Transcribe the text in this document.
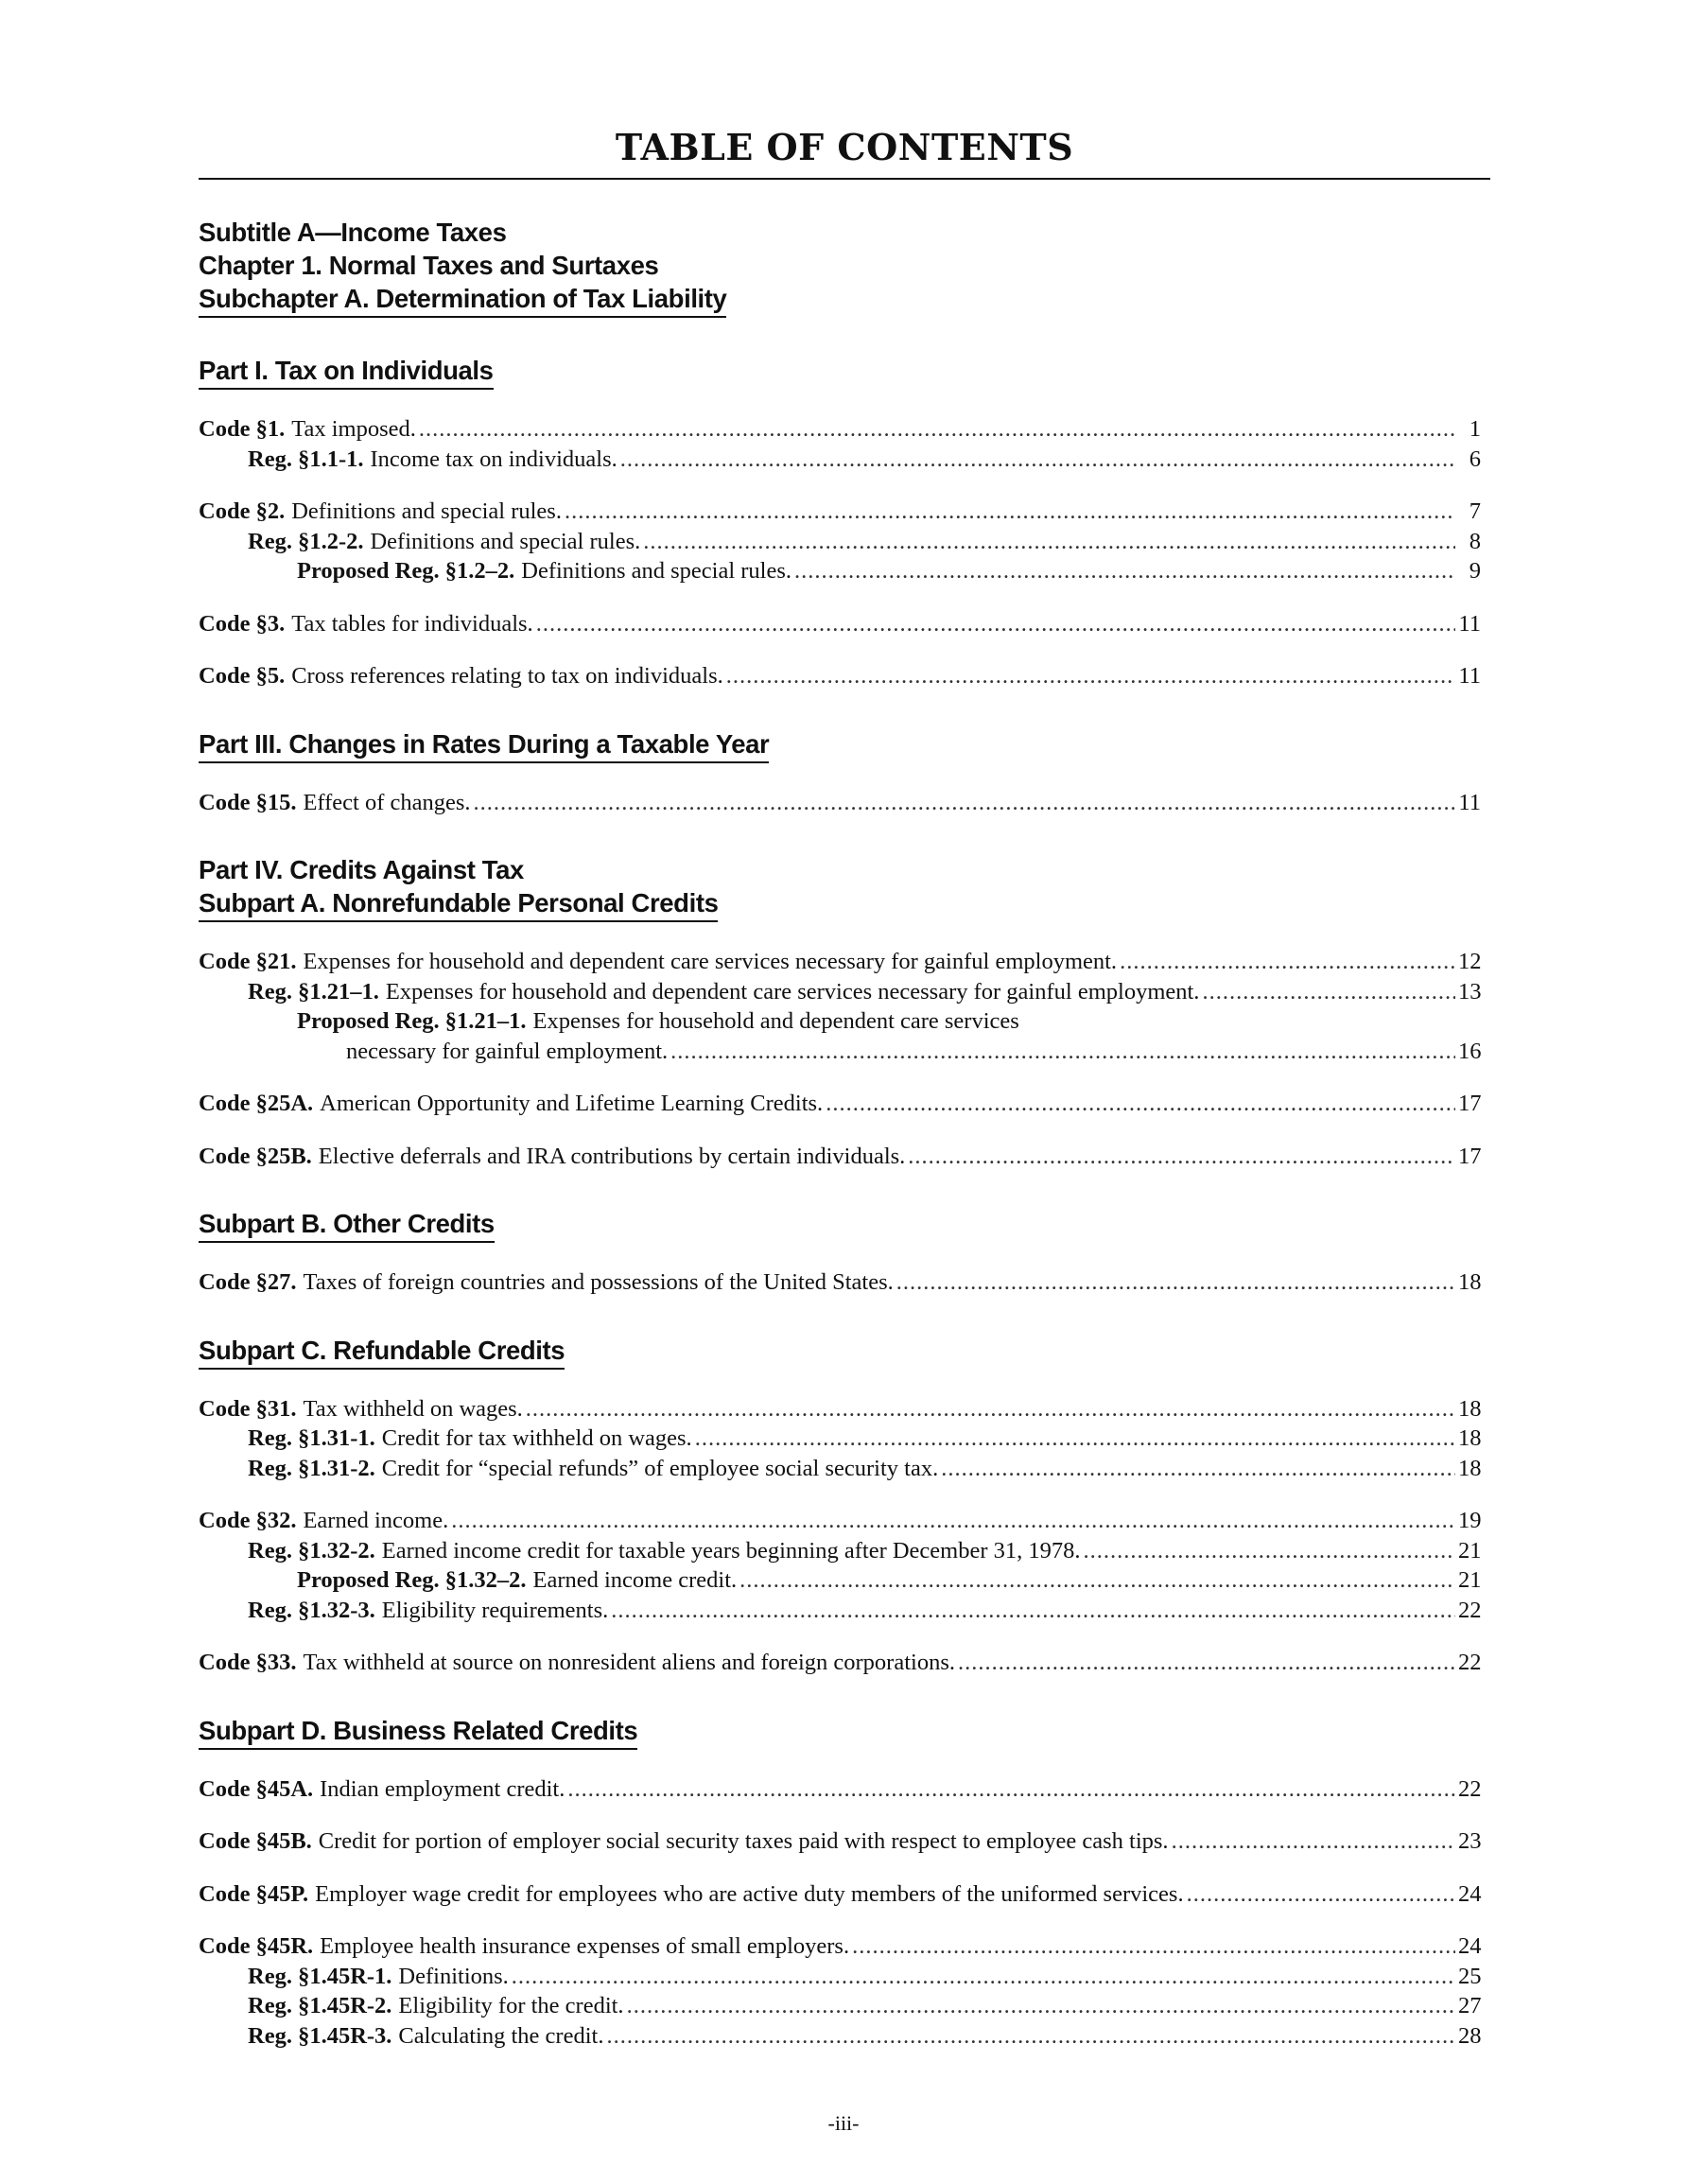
TABLE OF CONTENTS
Subtitle A—Income Taxes
Chapter 1. Normal Taxes and Surtaxes
Subchapter A. Determination of Tax Liability
Part I. Tax on Individuals
Code §1. Tax imposed. .....	1
Reg. §1.1-1. Income tax on individuals. .....	6
Code §2. Definitions and special rules. .....	7
Reg. §1.2-2. Definitions and special rules. .....	8
Proposed Reg. §1.2–2. Definitions and special rules. .....	9
Code §3. Tax tables for individuals. .....	11
Code §5. Cross references relating to tax on individuals. .....	11
Part III. Changes in Rates During a Taxable Year
Code §15. Effect of changes. .....	11
Part IV. Credits Against Tax
Subpart A. Nonrefundable Personal Credits
Code §21. Expenses for household and dependent care services necessary for gainful employment. .....	12
Reg. §1.21–1. Expenses for household and dependent care services necessary for gainful employment. .....	13
Proposed Reg. §1.21–1. Expenses for household and dependent care services
necessary for gainful employment. .....	16
Code §25A. American Opportunity and Lifetime Learning Credits. .....	17
Code §25B. Elective deferrals and IRA contributions by certain individuals. .....	17
Subpart B. Other Credits
Code §27. Taxes of foreign countries and possessions of the United States. .....	18
Subpart C. Refundable Credits
Code §31. Tax withheld on wages. .....	18
Reg. §1.31-1. Credit for tax withheld on wages. .....	18
Reg. §1.31-2. Credit for “special refunds” of employee social security tax. .....	18
Code §32. Earned income. .....	19
Reg. §1.32-2. Earned income credit for taxable years beginning after December 31, 1978. .....	21
Proposed Reg. §1.32–2. Earned income credit. .....	21
Reg. §1.32-3. Eligibility requirements. .....	22
Code §33. Tax withheld at source on nonresident aliens and foreign corporations. .....	22
Subpart D. Business Related Credits
Code §45A. Indian employment credit. .....	22
Code §45B. Credit for portion of employer social security taxes paid with respect to employee cash tips. .....	23
Code §45P. Employer wage credit for employees who are active duty members of the uniformed services. .....	24
Code §45R. Employee health insurance expenses of small employers. .....	24
Reg. §1.45R-1. Definitions. .....	25
Reg. §1.45R-2. Eligibility for the credit. .....	27
Reg. §1.45R-3. Calculating the credit. .....	28
-iii-
